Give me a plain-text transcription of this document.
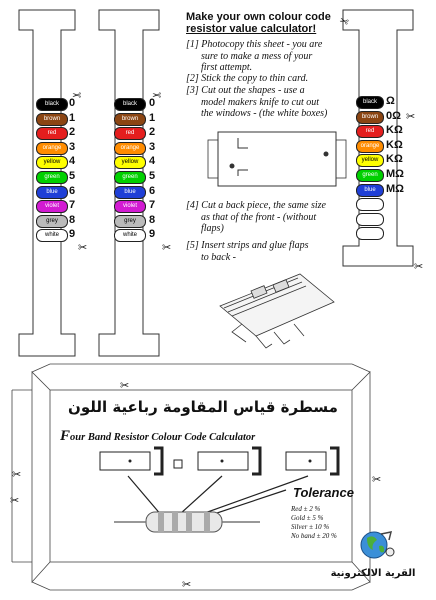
black 0
brown 1
red	2
orange 3
yellow 4
green 5
blue	6
violet 7
grey	8
white 9
black	0
brown 1
red	2
orange 3
yellow 4
green	5
blue	6
violet	7
grey	8
white	9
black Ω
brown 0Ω
red	KΩ
orange KΩ
yellow KΩ
green MΩ
blue MΩ
✂	✂
✂
✂
✂
✂	✂
Make your own colour code
resistor value calculator!
[1] Photocopy this sheet - you are
sure to make a mess of your
first attempt.
[2] Stick the copy to thin card.
[3] Cut out the shapes - use a
model makers knife to cut out
the windows - (the white boxes)
[4] Cut a back piece, the same size
as that of the front - (without
flaps)
[5] Insert strips and glue flaps
to back -
✂
✂
✂
✂
✂
مسطرة قياس المقاومة رباعية اللون
Four Band Resistor Colour Code Calculator
Tolerance
Red ± 2 %
Gold ± 5 %
Silver ± 10 %
No band ± 20 %
القرية الالكترونية
